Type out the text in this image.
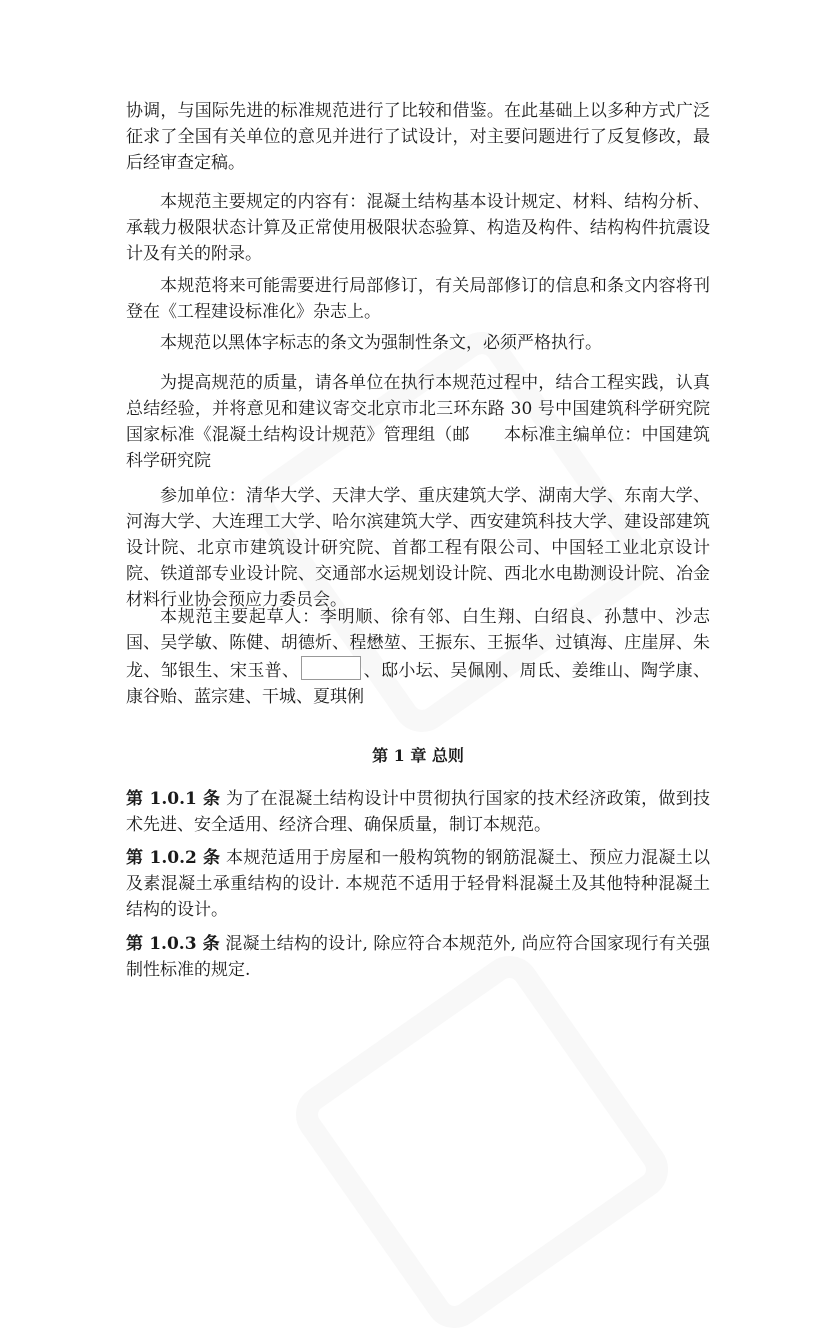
协调，与国际先进的标准规范进行了比较和借鉴。在此基础上以多种方式广泛征求了全国有关单位的意见并进行了试设计，对主要问题进行了反复修改，最后经审查定稿。

本规范主要规定的内容有：混凝土结构基本设计规定、材料、结构分析、承载力极限状态计算及正常使用极限状态验算、构造及构件、结构构件抗震设计及有关的附录。

本规范将来可能需要进行局部修订，有关局部修订的信息和条文内容将刊登在《工程建设标准化》杂志上。

本规范以黑体字标志的条文为强制性条文，必须严格执行。

为提高规范的质量，请各单位在执行本规范过程中，结合工程实践，认真总结经验，并将意见和建议寄交北京市北三环东路 30 号中国建筑科学研究院国家标准《混凝土结构设计规范》管理组（邮　　本标准主编单位：中国建筑科学研究院

参加单位：清华大学、天津大学、重庆建筑大学、湖南大学、东南大学、河海大学、大连理工大学、哈尔滨建筑大学、西安建筑科技大学、建设部建筑设计院、北京市建筑设计研究院、首都工程有限公司、中国轻工业北京设计院、铁道部专业设计院、交通部水运规划设计院、西北水电勘测设计院、冶金材料行业协会预应力委员会。

本规范主要起草人：李明顺、徐有邻、白生翔、白绍良、孙慧中、沙志国、吴学敏、陈健、胡德炘、程懋堃、王振东、王振华、过镇海、庄崖屏、朱龙、邹银生、宋玉普、	、邸小坛、吴佩刚、周氐、姜维山、陶学康、康谷贻、蓝宗建、干城、夏琪俐

第 1 章 总则

第 1.0.1 条 为了在混凝土结构设计中贯彻执行国家的技术经济政策，做到技术先进、安全适用、经济合理、确保质量，制订本规范。

第 1.0.2 条 本规范适用于房屋和一般构筑物的钢筋混凝土、预应力混凝土以及素混凝土承重结构的设计. 本规范不适用于轻骨料混凝土及其他特种混凝土结构的设计。

第 1.0.3 条 混凝土结构的设计, 除应符合本规范外, 尚应符合国家现行有关强制性标准的规定.
